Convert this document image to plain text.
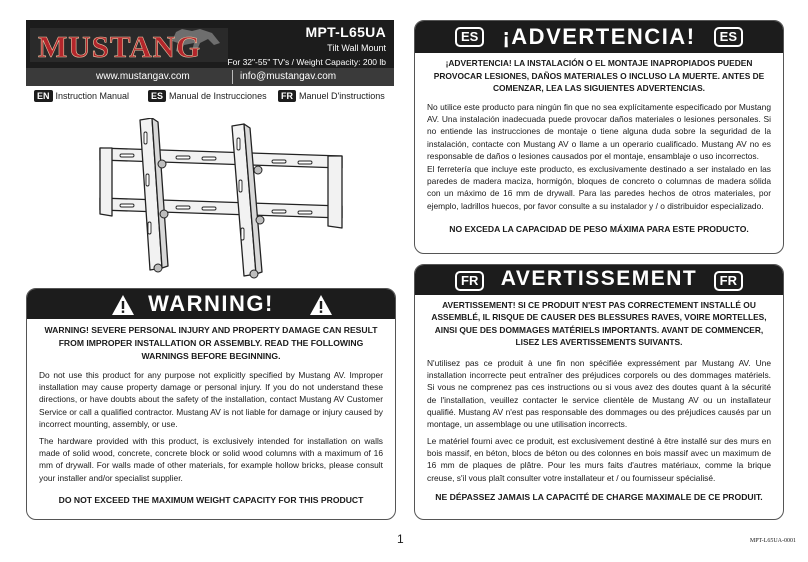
MUSTANG	MPT-L65UA
Tilt Wall Mount
For 32"-55" TV's / Weight Capacity: 200 lb
www.mustangav.com	info@mustangav.com
EN Instruction Manual	ES Manual de Instrucciones	FR Manuel D'instructions
WARNING!
WARNING! SEVERE PERSONAL INJURY AND PROPERTY DAMAGE CAN RESULT FROM IMPROPER INSTALLATION OR ASSEMBLY. READ THE FOLLOWING WARNINGS BEFORE BEGINNING.
Do not use this product for any purpose not explicitly specified by Mustang AV. Improper installation may cause property damage or personal injury. If you do not understand these directions, or have doubts about the safety of the installation, contact Mustang AV Customer Service or call a qualified contractor. Mustang AV is not liable for damage or injury caused by incorrect mounting, assembly, or use.
The hardware provided with this product, is exclusively intended for installation on walls made of solid wood, concrete, concrete block or solid wood columns with a maximum of 16 mm of drywall. For walls made of other materials, for example hollow bricks, please consult your installer and/or specialist supplier.
DO NOT EXCEED THE MAXIMUM WEIGHT CAPACITY FOR THIS PRODUCT
ES	¡ADVERTENCIA!	ES
¡ADVERTENCIA! LA INSTALACIÓN O EL MONTAJE INAPROPIADOS PUEDEN PROVOCAR LESIONES, DAÑOS MATERIALES O INCLUSO LA MUERTE. ANTES DE COMENZAR, LEA LAS SIGUIENTES ADVERTENCIAS.
No utilice este producto para ningún fin que no sea explícitamente especificado por Mustang AV. Una instalación inadecuada puede provocar daños materiales o lesiones personales. Si no entiende las instrucciones de montaje o tiene alguna duda sobre la seguridad de la instalación, contacte con Mustang AV o llame a un operario cualificado. Mustang AV no es responsable de daños o lesiones causados por el montaje, ensamblaje o uso incorrectos.
El ferretería que incluye este producto, es exclusivamente destinado a ser instalado en las paredes de madera maciza, hormigón, bloques de concreto o columnas de madera sólida con un máximo de 16 mm de drywall. Para las paredes hechos de otros materiales, por ejemplo, ladrillos huecos, por favor consulte a su instalador y / o distribuidor especializado.
NO EXCEDA LA CAPACIDAD DE PESO MÁXIMA PARA ESTE PRODUCTO.
FR	AVERTISSEMENT	FR
AVERTISSEMENT! SI CE PRODUIT N'EST PAS CORRECTEMENT INSTALLÉ OU ASSEMBLÉ, IL RISQUE DE CAUSER DES BLESSURES RAVES, VOIRE MORTELLES, AINSI QUE DES DOMMAGES MATÉRIELS IMPORTANTS. AVANT DE COMMENCER, LISEZ LES AVERTISSEMENTS SUIVANTS.
N'utilisez pas ce produit à une fin non spécifiée expressément par Mustang AV. Une installation incorrecte peut entraîner des préjudices corporels ou des dommages matériels. Si vous ne comprenez pas ces instructions ou si vous avez des doutes quant à la sécurité de l'installation, veuillez contacter le service clientèle de Mustang AV ou un installateur qualifié. Mustang AV n'est pas responsable des dommages ou des préjudices causés par un montage, un assemblage ou une utilisation incorrects.
Le matériel fourni avec ce produit, est exclusivement destiné à être installé sur des murs en bois massif, en béton, blocs de béton ou des colonnes en bois massif avec un maximum de 16 mm de plaques de plâtre. Pour les murs faits d'autres matériaux, comme la brique creuse, s'il vous plaît consulter votre installateur et / ou fournisseur spécialisé.
NE DÉPASSEZ JAMAIS LA CAPACITÉ DE CHARGE MAXIMALE DE CE PRODUIT.
1	MPT-L65UA-0001
